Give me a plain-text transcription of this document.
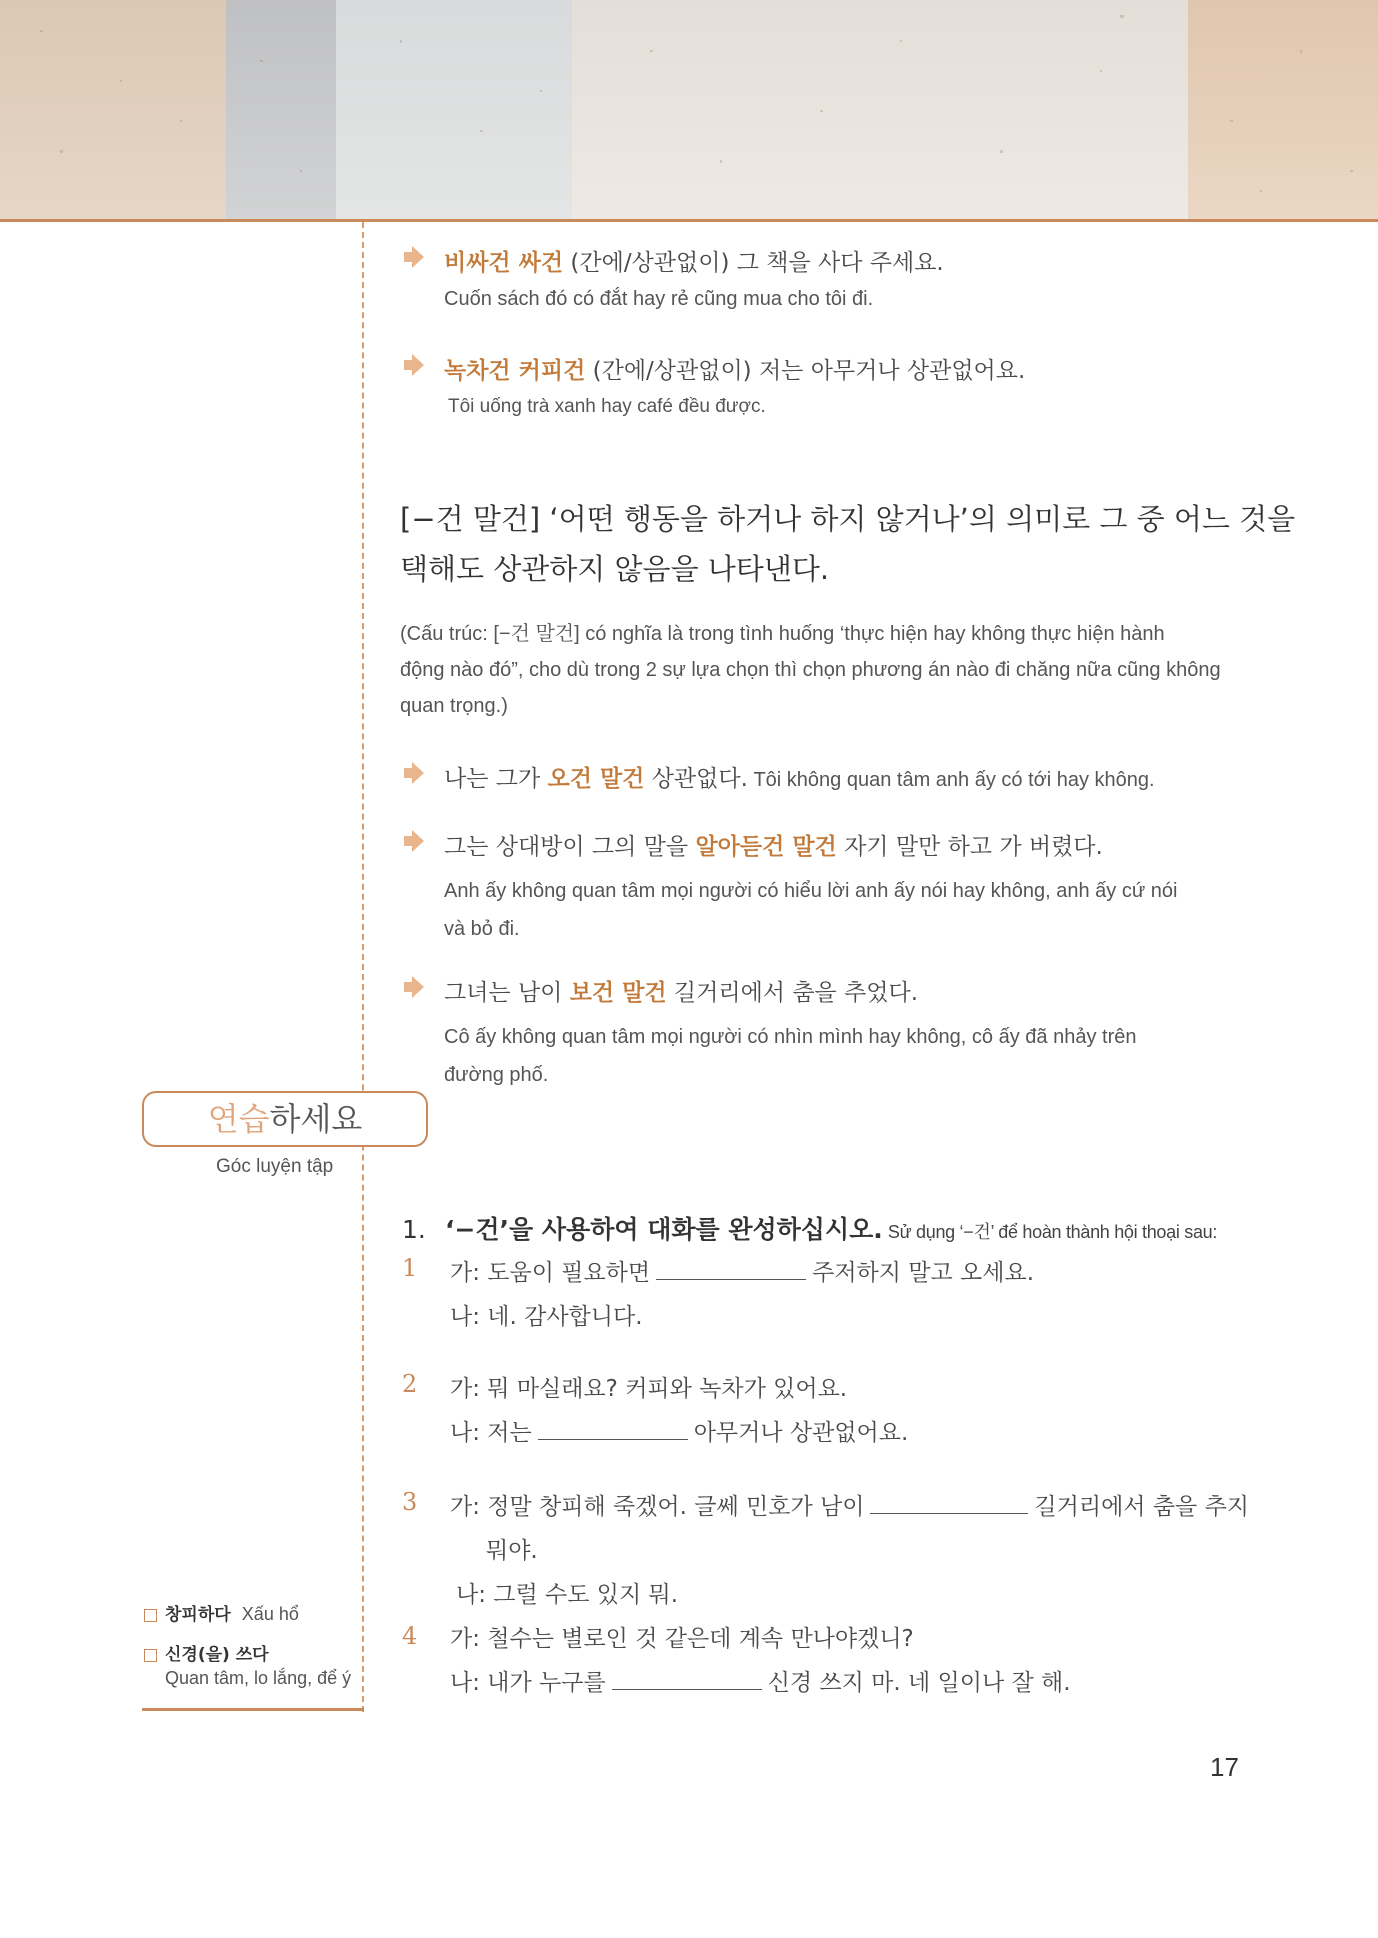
비싸건 싸건 (간에/상관없이) 그 책을 사다 주세요.
Cuốn sách đó có đắt hay rẻ cũng mua cho tôi đi.
녹차건 커피건 (간에/상관없이) 저는 아무거나 상관없어요.
Tôi uống trà xanh hay café đều được.
[−건 말건] ‘어떤 행동을 하거나 하지 않거나’의 의미로 그 중 어느 것을
택해도 상관하지 않음을 나타낸다.
(Cấu trúc: [−건 말건] có nghĩa là trong tình huống ‘thực hiện hay không thực hiện hành
động nào đó”, cho dù trong 2 sự lựa chọn thì chọn phương án nào đi chăng nữa cũng không
quan trọng.)
나는 그가 오건 말건 상관없다. Tôi không quan tâm anh ấy có tới hay không.
그는 상대방이 그의 말을 알아듣건 말건 자기 말만 하고 가 버렸다.
Anh ấy không quan tâm mọi người có hiểu lời anh ấy nói hay không, anh ấy cứ nói
và bỏ đi.
그녀는 남이 보건 말건 길거리에서 춤을 추었다.
Cô ấy không quan tâm mọi người có nhìn mình hay không, cô ấy đã nhảy trên
đường phố.
연습하세요
Góc luyện tập
1. ‘−건’을 사용하여 대화를 완성하십시오. Sử dụng ‘−건’ để hoàn thành hội thoại sau:
1 가: 도움이 필요하면	주저하지 말고 오세요.
나: 네. 감사합니다.
2 가: 뭐 마실래요? 커피와 녹차가 있어요.
나: 저는	아무거나 상관없어요.
3 가: 정말 창피해 죽겠어. 글쎄 민호가 남이	길거리에서 춤을 추지
뭐야.
나: 그럴 수도 있지 뭐.
4 가: 철수는 별로인 것 같은데 계속 만나야겠니?
나: 내가 누구를	신경 쓰지 마. 네 일이나 잘 해.
창피하다 Xấu hổ
신경(을) 쓰다
Quan tâm, lo lắng, để ý
17
